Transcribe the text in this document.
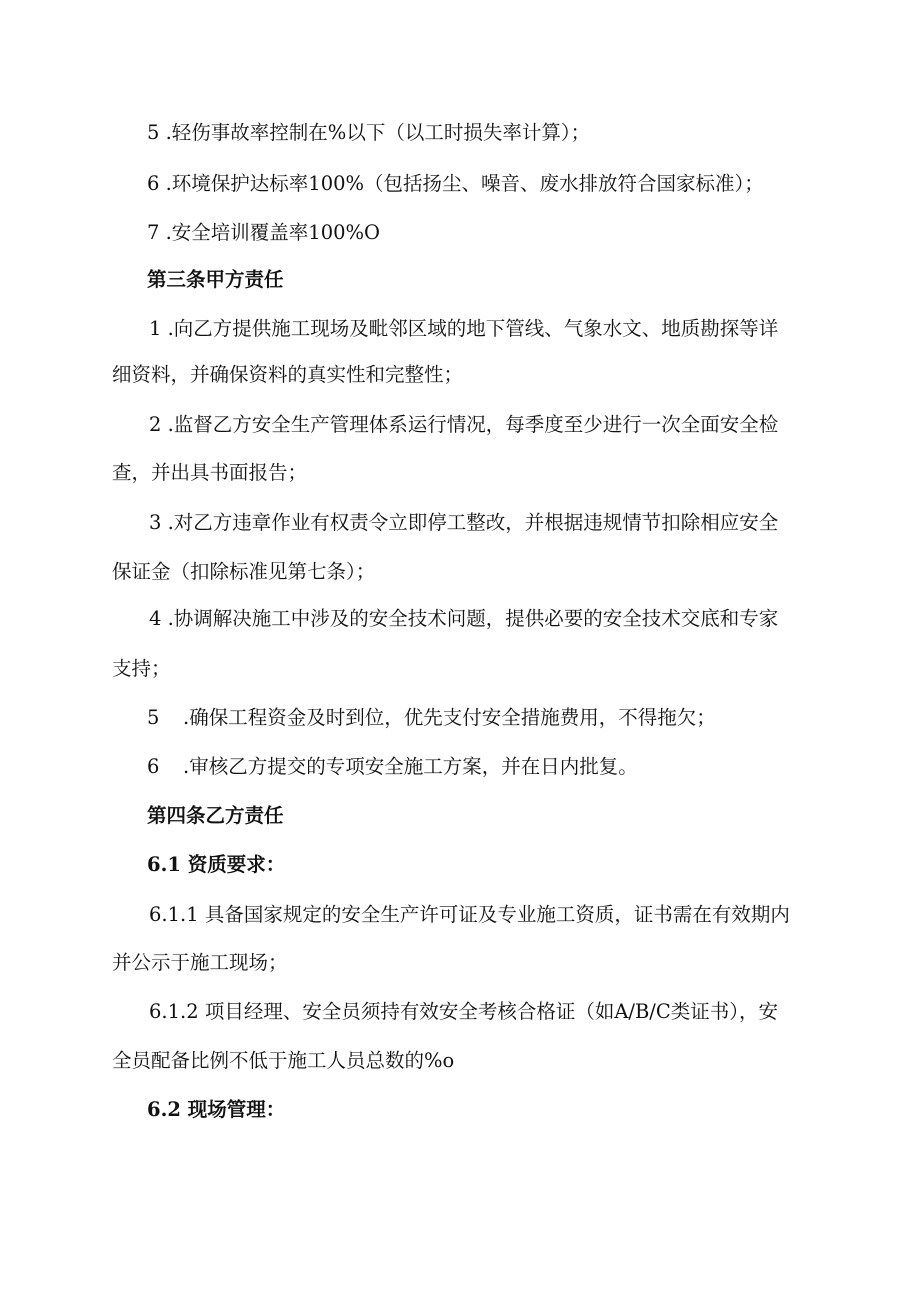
5 .轻伤事故率控制在%以下（以工时损失率计算）；
6 .环境保护达标率100%（包括扬尘、噪音、废水排放符合国家标准）；
7 .安全培训覆盖率100%O
第三条甲方责任
1 .向乙方提供施工现场及毗邻区域的地下管线、气象水文、地质勘探等详
细资料，并确保资料的真实性和完整性；
2 .监督乙方安全生产管理体系运行情况，每季度至少进行一次全面安全检
查，并出具书面报告；
3 .对乙方违章作业有权责令立即停工整改，并根据违规情节扣除相应安全
保证金（扣除标准见第七条）；
4 .协调解决施工中涉及的安全技术问题，提供必要的安全技术交底和专家
支持；
5 .确保工程资金及时到位，优先支付安全措施费用，不得拖欠；
6 .审核乙方提交的专项安全施工方案，并在日内批复。
第四条乙方责任
6.1 资质要求：
6.1.1 具备国家规定的安全生产许可证及专业施工资质，证书需在有效期内
并公示于施工现场；
6.1.2 项目经理、安全员须持有效安全考核合格证（如A/B/C类证书），安
全员配备比例不低于施工人员总数的%o
6.2 现场管理：
